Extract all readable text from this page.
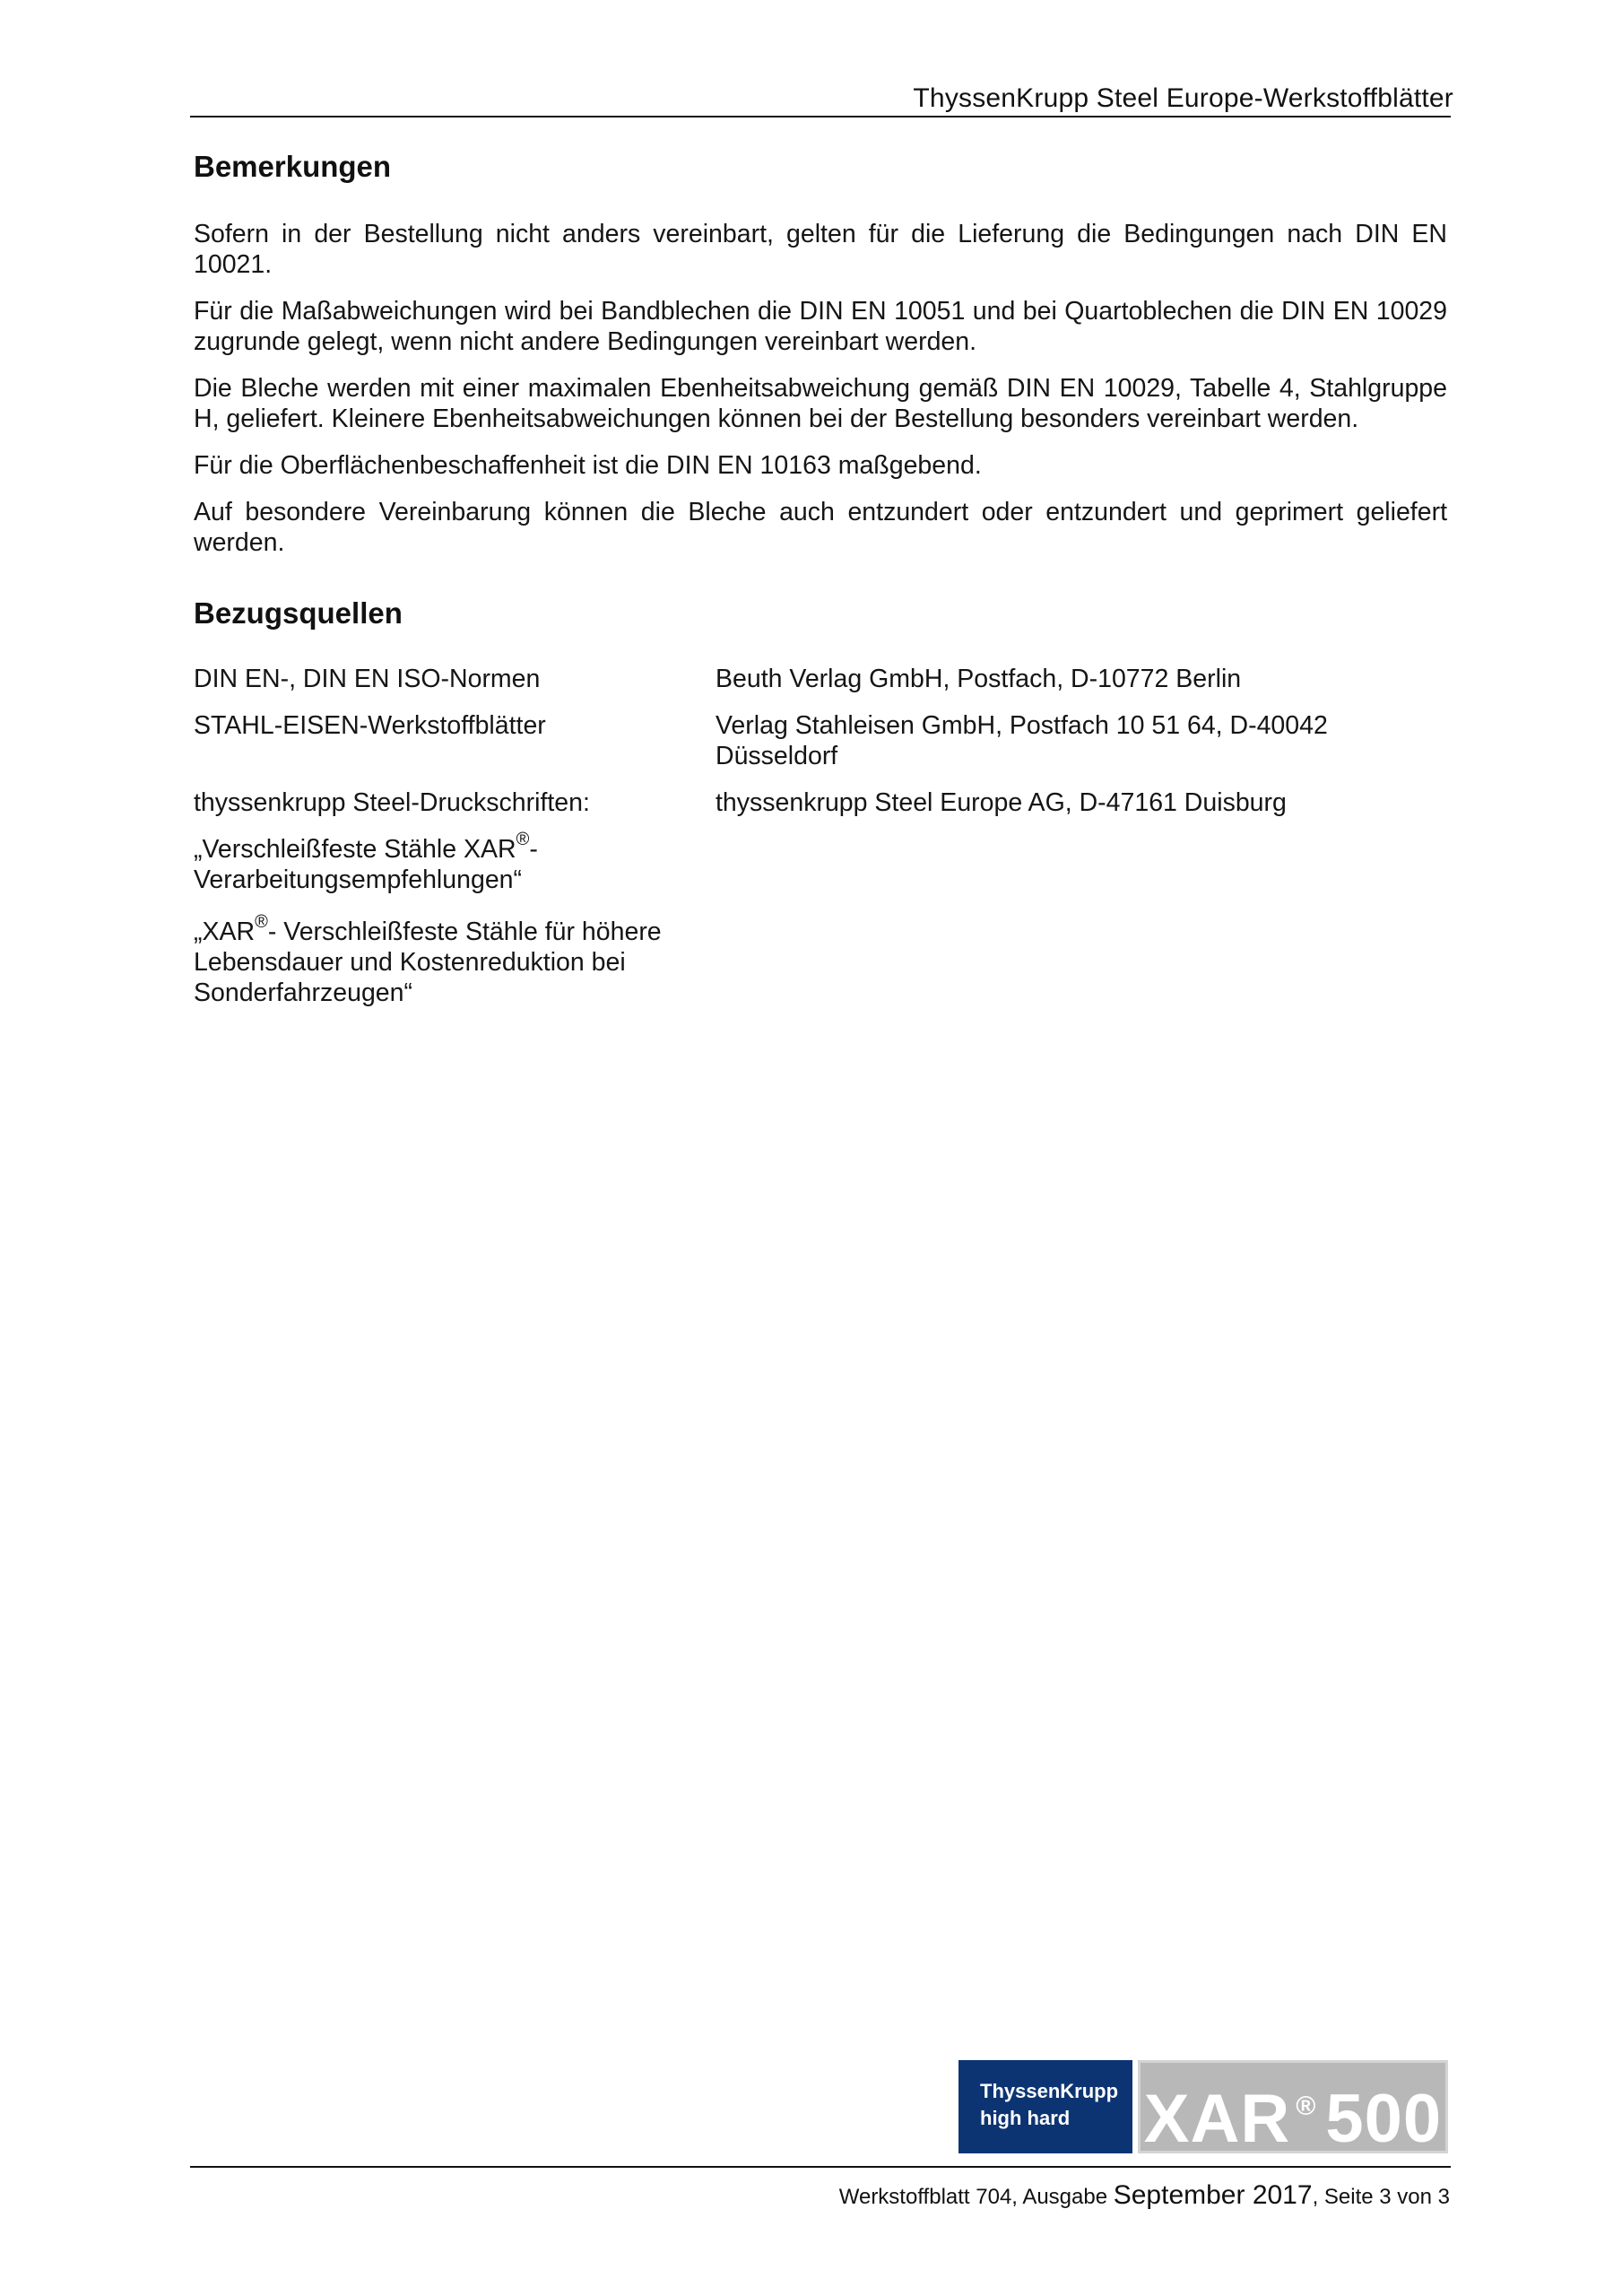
ThyssenKrupp Steel Europe-Werkstoffblätter
Bemerkungen

Sofern in der Bestellung nicht anders vereinbart, gelten für die Lieferung die Bedingungen nach DIN EN 10021.

Für die Maßabweichungen wird bei Bandblechen die DIN EN 10051 und bei Quartoblechen die DIN EN 10029 zugrunde gelegt, wenn nicht andere Bedingungen vereinbart werden.

Die Bleche werden mit einer maximalen Ebenheitsabweichung gemäß DIN EN 10029, Tabelle 4, Stahlgruppe H, geliefert. Kleinere Ebenheitsabweichungen können bei der Bestellung besonders vereinbart werden.

Für die Oberflächenbeschaffenheit ist die DIN EN 10163 maßgebend.

Auf besondere Vereinbarung können die Bleche auch entzundert oder entzundert und geprimert geliefert werden.

Bezugsquellen

DIN EN-, DIN EN ISO-Normen	Beuth Verlag GmbH, Postfach, D-10772 Berlin

STAHL-EISEN-Werkstoffblätter	Verlag Stahleisen GmbH, Postfach 10 51 64, D-40042 Düsseldorf

thyssenkrupp Steel-Druckschriften:	thyssenkrupp Steel Europe AG, D-47161 Duisburg

„Verschleißfeste Stähle XAR®-Verarbeitungsempfehlungen“

„XAR®- Verschleißfeste Stähle für höhere Lebensdauer und Kostenreduktion bei Sonderfahrzeugen“

ThyssenKrupp
high hard	XAR ® 500
Werkstoffblatt 704, Ausgabe September 2017, Seite 3 von 3
